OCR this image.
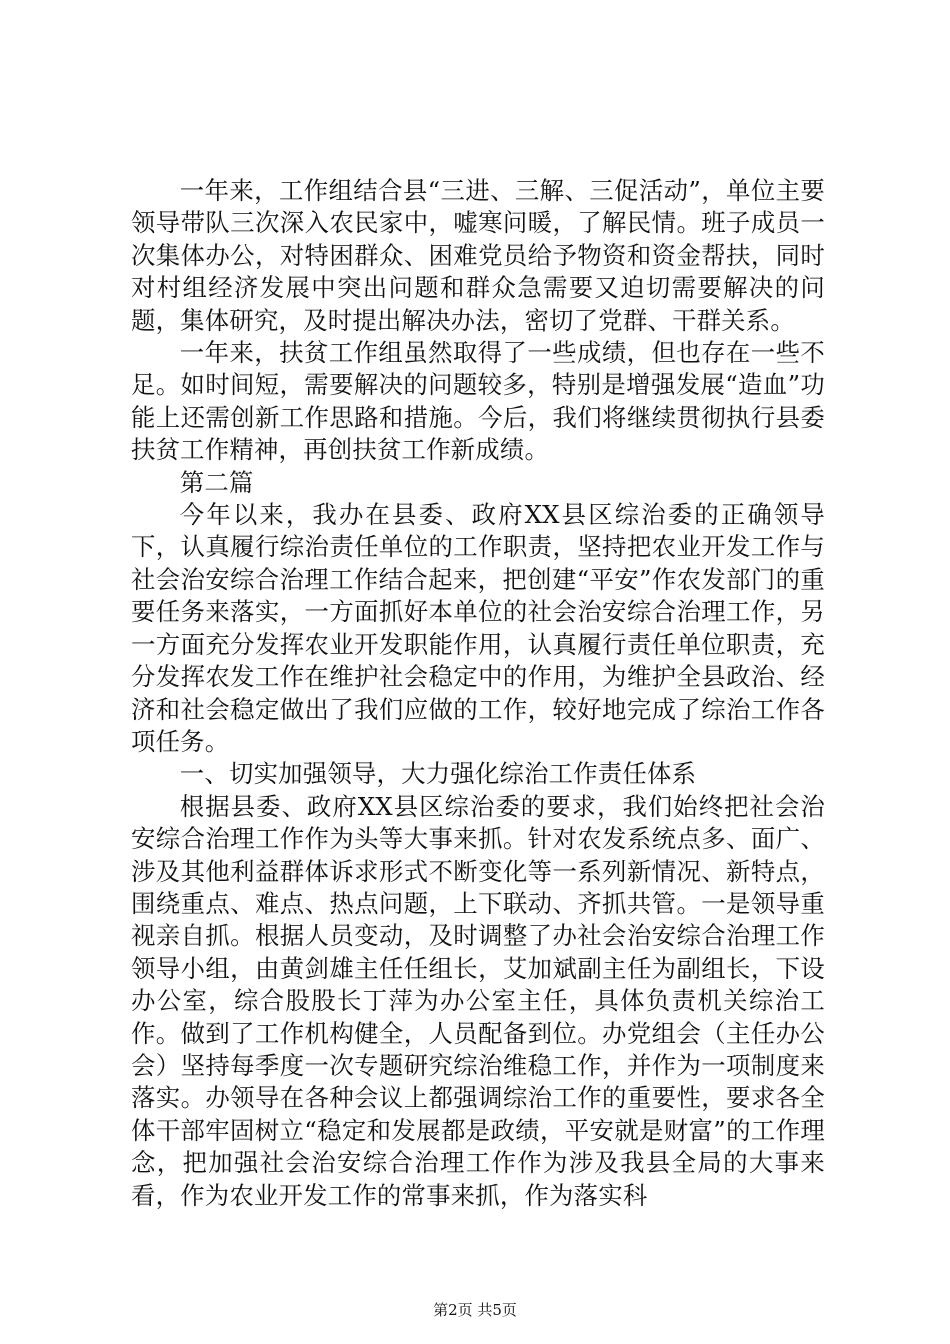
一年来，工作组结合县“三进、三解、三促活动”，单位主要领导带队三次深入农民家中，嘘寒问暖，了解民情。班子成员一次集体办公，对特困群众、困难党员给予物资和资金帮扶，同时对村组经济发展中突出问题和群众急需要又迫切需要解决的问题，集体研究，及时提出解决办法，密切了党群、干群关系。

一年来，扶贫工作组虽然取得了一些成绩，但也存在一些不足。如时间短，需要解决的问题较多，特别是增强发展“造血”功能上还需创新工作思路和措施。今后，我们将继续贯彻执行县委扶贫工作精神，再创扶贫工作新成绩。

第二篇

今年以来，我办在县委、政府XX县区综治委的正确领导下，认真履行综治责任单位的工作职责，坚持把农业开发工作与社会治安综合治理工作结合起来，把创建“平安”作农发部门的重要任务来落实，一方面抓好本单位的社会治安综合治理工作，另一方面充分发挥农业开发职能作用，认真履行责任单位职责，充分发挥农发工作在维护社会稳定中的作用，为维护全县政治、经济和社会稳定做出了我们应做的工作，较好地完成了综治工作各项任务。

一、切实加强领导，大力强化综治工作责任体系

根据县委、政府XX县区综治委的要求，我们始终把社会治安综合治理工作作为头等大事来抓。针对农发系统点多、面广、涉及其他利益群体诉求形式不断变化等一系列新情况、新特点，围绕重点、难点、热点问题，上下联动、齐抓共管。一是领导重视亲自抓。根据人员变动，及时调整了办社会治安综合治理工作领导小组，由黄剑雄主任任组长，艾加斌副主任为副组长，下设办公室，综合股股长丁萍为办公室主任，具体负责机关综治工作。做到了工作机构健全，人员配备到位。办党组会（主任办公会）坚持每季度一次专题研究综治维稳工作，并作为一项制度来落实。办领导在各种会议上都强调综治工作的重要性，要求各全体干部牢固树立“稳定和发展都是政绩，平安就是财富”的工作理念，把加强社会治安综合治理工作作为涉及我县全局的大事来看，作为农业开发工作的常事来抓，作为落实科

第2页 共5页
